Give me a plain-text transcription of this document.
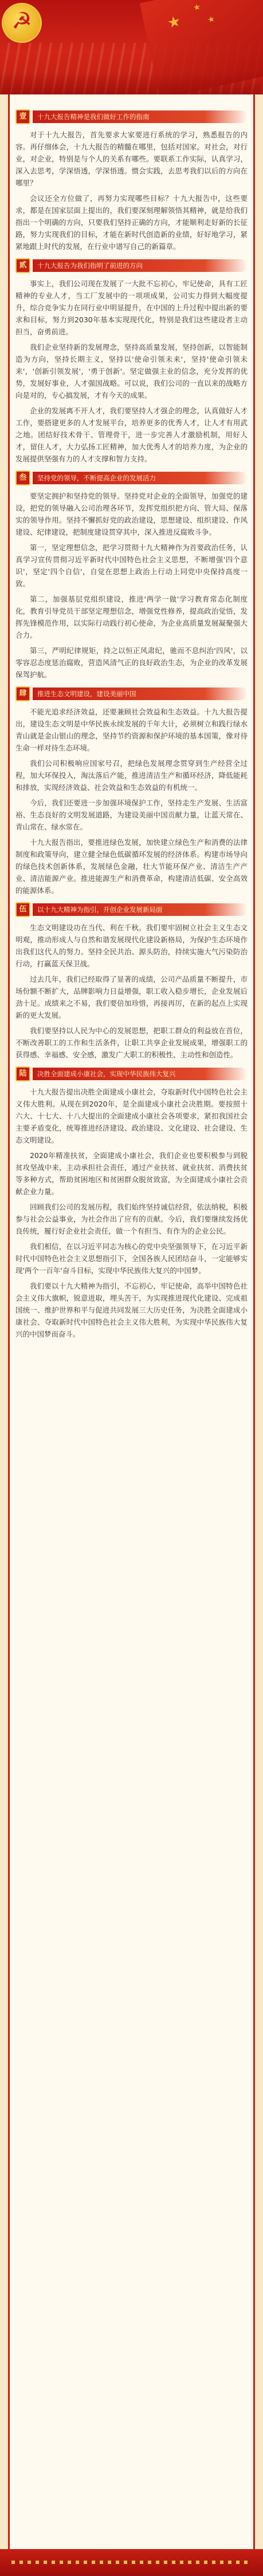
★
★
★
☭
壹	十九大报告精神是我们做好工作的指南

对于十九大报告，首先要求大家要进行系统的学习，熟悉报告的内容。再仔细体会，十九大报告的精髓在哪里，包括对国家，对社会，对行业，对企业，特别是与个人的关系有哪些。要联系工作实际，认真学习，深入去思考，学深悟透，学深悟透。惯会实践，去思考我们以后的方向在哪里？

会议还全方位做了，再努力实现哪些目标？十九大报告中，这些要求，都是在国家层面上提出的，我们要深刻理解领悟其精神，就是给我们指出一个明确的方向，只要我们坚持正确的方向，才能顺利走好新的长征路，努力实现我们的目标，才能在新时代创造新的业绩，好好地学习，紧紧地跟上时代的发展，在行业中谱写自己的新篇章。

贰	十九大报告为我们指明了前进的方向

事实上，我们公司现在发展了一大批不忘初心，牢记使命，具有工匠精神的专业人才，当工厂发展中的一项项成果，公司实力得到大幅度提升，综合竞争实力在同行业中明显提升，在中国的上升过程中提出新的要求和目标，努力到2030年基本实现现代化，特别是我们这些建设者主动担当，奋勇前进。

我们企业坚持新的发展理念，坚持高质量发展，坚持创新，以智能制造为方向，坚持长期主义，坚持以'使命引领未来'，坚持'使命引领未来'，'创新引领发展'，'勇于创新'。坚定做强主业的信念，充分发挥的优势，发展好事业，人才强国战略。可以说，我们公司的一直以来的战略方向是对的，专心搞发展，才有今天的成果。

企业的发展离不开人才，我们要坚持人才强企的理念，认真做好人才工作，要搭建更多的人才发展平台，培养更多的优秀人才，让人才有用武之地。团结好技术骨干、管理骨干，进一步完善人才激励机制，用好人才，留住人才，大力弘扬工匠精神，加大优秀人才的培养力度，为企业的发展提供坚强有力的人才支撑和智力支持。

叁	坚持党的领导，不断提高企业的发展活力

要坚定拥护和坚持党的领导。坚持党对企业的全面领导，加强党的建设，把党的领导融入公司治理各环节，发挥党组织把方向、管大局、保落实的领导作用。坚持不懈抓好党的政治建设，思想建设、组织建设、作风建设、纪律建设，把制度建设贯穿其中，深入推进反腐败斗争。

第一，坚定理想信念，把学习贯彻十九大精神作为首要政治任务，认真学习宣传贯彻习近平新时代中国特色社会主义思想，不断增强'四个意识'，坚定'四个自信'，自觉在思想上政治上行动上同党中央保持高度一致。

第二，加强基层党组织建设，推进'两学一做'学习教育常态化制度化，教育引导党员干部坚定理想信念，增强党性修养，提高政治觉悟，发挥先锋模范作用，以实际行动践行初心使命，为企业高质量发展凝聚强大合力。

第三，严明纪律规矩，持之以恒正风肃纪，驰而不息纠治'四风'，以零容忍态度惩治腐败，营造风清气正的良好政治生态，为企业的改革发展保驾护航。

肆	推进生态文明建设，建设美丽中国

不能光追求经济效益，还要兼顾社会效益和生态效益。十九大报告提出，建设生态文明是中华民族永续发展的千年大计，必须树立和践行绿水青山就是金山银山的理念，坚持节约资源和保护环境的基本国策，像对待生命一样对待生态环境。

我们公司积极响应国家号召，把绿色发展理念贯穿到生产经营全过程，加大环保投入，淘汰落后产能，推进清洁生产和循环经济，降低能耗和排放，实现经济效益、社会效益和生态效益的有机统一。

今后，我们还要进一步加强环境保护工作，坚持走生产发展、生活富裕、生态良好的文明发展道路，为建设美丽中国贡献力量，让蓝天常在、青山常在、绿水常在。

十九大报告指出，要推进绿色发展，加快建立绿色生产和消费的法律制度和政策导向，建立健全绿色低碳循环发展的经济体系。构建市场导向的绿色技术创新体系，发展绿色金融，壮大节能环保产业、清洁生产产业、清洁能源产业。推进能源生产和消费革命，构建清洁低碳、安全高效的能源体系。

伍	以十九大精神为指引，开创企业发展新局面

生态文明建设功在当代、利在千秋。我们要牢固树立社会主义生态文明观，推动形成人与自然和谐发展现代化建设新格局，为保护生态环境作出我们这代人的努力。坚持全民共治、源头防治，持续实施大气污染防治行动，打赢蓝天保卫战。

过去几年，我们已经取得了显著的成绩，公司产品质量不断提升，市场份额不断扩大，品牌影响力日益增强，职工收入稳步增长，企业发展后劲十足。成绩来之不易，我们要倍加珍惜，再接再厉，在新的起点上实现新的更大发展。

我们要坚持以人民为中心的发展思想，把职工群众的利益放在首位，不断改善职工的工作和生活条件，让职工共享企业发展成果，增强职工的获得感、幸福感、安全感，激发广大职工的积极性、主动性和创造性。

陆	决胜全面建成小康社会，实现中华民族伟大复兴

十九大报告提出决胜全面建成小康社会，夺取新时代中国特色社会主义伟大胜利。从现在到2020年，是全面建成小康社会决胜期。要按照十六大、十七大、十八大提出的全面建成小康社会各项要求，紧扣我国社会主要矛盾变化，统筹推进经济建设、政治建设、文化建设、社会建设、生态文明建设。

2020年精准扶贫，全面建成小康社会，我们企业也要积极参与到脱贫攻坚战中来，主动承担社会责任，通过产业扶贫、就业扶贫、消费扶贫等多种方式，帮助贫困地区和贫困群众脱贫致富，为全面建成小康社会贡献企业力量。

回顾我们公司的发展历程，我们始终坚持诚信经营，依法纳税，积极参与社会公益事业，为社会作出了应有的贡献。今后，我们要继续发扬优良传统，履行好企业社会责任，做一个有担当、有作为的企业公民。

我们相信，在以习近平同志为核心的党中央坚强领导下，在习近平新时代中国特色社会主义思想指引下，全国各族人民团结奋斗，一定能够实现'两个一百年'奋斗目标，实现中华民族伟大复兴的中国梦。

我们要以十九大精神为指引，不忘初心，牢记使命，高举中国特色社会主义伟大旗帜，锐意进取，埋头苦干，为实现推进现代化建设、完成祖国统一、维护世界和平与促进共同发展三大历史任务，为决胜全面建成小康社会、夺取新时代中国特色社会主义伟大胜利，为实现中华民族伟大复兴的中国梦而奋斗。
